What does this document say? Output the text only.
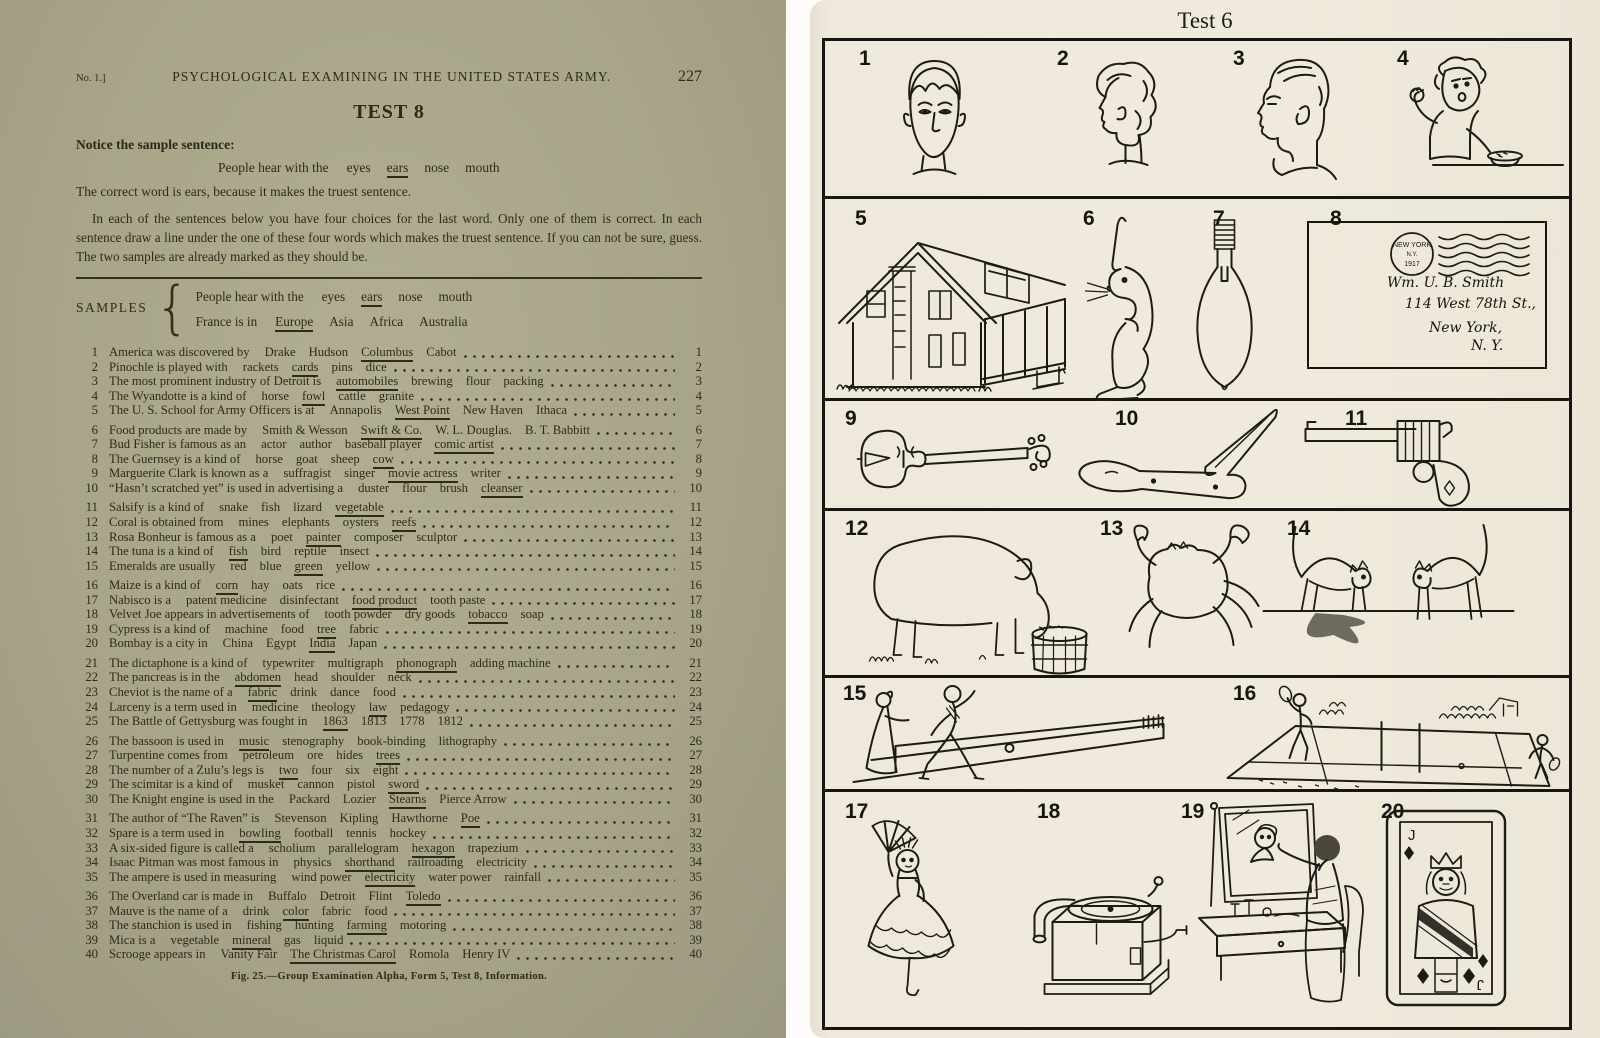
No. 1.]	PSYCHOLOGICAL EXAMINING IN THE UNITED STATES ARMY.	227
TEST 8
Notice the sample sentence:
People hear with the eyes ears nose mouth
The correct word is ears, because it makes the truest sentence.
In each of the sentences below you have four choices for the last word. Only one of them is correct. In each sentence draw a line under the one of these four words which makes the truest sentence. If you can not be sure, guess. The two samples are already marked as they should be.
SAMPLES { People hear with the eyes ears nose mouth
France is in Europe Asia Africa Australia
1 America was discovered by Drake Hudson Columbus Cabot	1
2 Pinochle is played with rackets cards pins dice	2
3 The most prominent industry of Detroit is automobiles brewing flour packing	3
4 The Wyandotte is a kind of horse fowl cattle granite	4
5 The U. S. School for Army Officers is at Annapolis West Point New Haven Ithaca	5
6 Food products are made by Smith & Wesson Swift & Co. W. L. Douglas. B. T. Babbitt	6
7 Bud Fisher is famous as an actor author baseball player comic artist	7
8 The Guernsey is a kind of horse goat sheep cow	8
9 Marguerite Clark is known as a suffragist singer movie actress writer	9
10 “Hasn’t scratched yet” is used in advertising a duster flour brush cleanser	10
11 Salsify is a kind of snake fish lizard vegetable	11
12 Coral is obtained from mines elephants oysters reefs	12
13 Rosa Bonheur is famous as a poet painter composer sculptor	13
14 The tuna is a kind of fish bird reptile insect	14
15 Emeralds are usually red blue green yellow	15
16 Maize is a kind of corn hay oats rice	16
17 Nabisco is a patent medicine disinfectant food product tooth paste	17
18 Velvet Joe appears in advertisements of tooth powder dry goods tobacco soap	18
19 Cypress is a kind of machine food tree fabric	19
20 Bombay is a city in China Egypt India Japan	20
21 The dictaphone is a kind of typewriter multigraph phonograph adding machine	21
22 The pancreas is in the abdomen head shoulder neck	22
23 Cheviot is the name of a fabric drink dance food	23
24 Larceny is a term used in medicine theology law pedagogy	24
25 The Battle of Gettysburg was fought in 1863 1813 1778 1812	25
26 The bassoon is used in music stenography book-binding lithography	26
27 Turpentine comes from petroleum ore hides trees	27
28 The number of a Zulu’s legs is two four six eight	28
29 The scimitar is a kind of musket cannon pistol sword	29
30 The Knight engine is used in the Packard Lozier Stearns Pierce Arrow	30
31 The author of “The Raven” is Stevenson Kipling Hawthorne Poe	31
32 Spare is a term used in bowling football tennis hockey	32
33 A six-sided figure is called a scholium parallelogram hexagon trapezium	33
34 Isaac Pitman was most famous in physics shorthand railroading electricity	34
35 The ampere is used in measuring wind power electricity water power rainfall	35
36 The Overland car is made in Buffalo Detroit Flint Toledo	36
37 Mauve is the name of a drink color fabric food	37
38 The stanchion is used in fishing hunting farming motoring	38
39 Mica is a vegetable mineral gas liquid	39
40 Scrooge appears in Vanity Fair The Christmas Carol Romola Henry IV	40
Fig. 25.—Group Examination Alpha, Form 5, Test 8, Information.
Test 6
1	2	3	4
5	6	7	8
NEW YORK
N.Y.
1917
Wm. U. B. Smith
114 West 78th St.,
New York,
N. Y.
9	10	11
12	13	14
15	16
17	18	19	20
J
J
